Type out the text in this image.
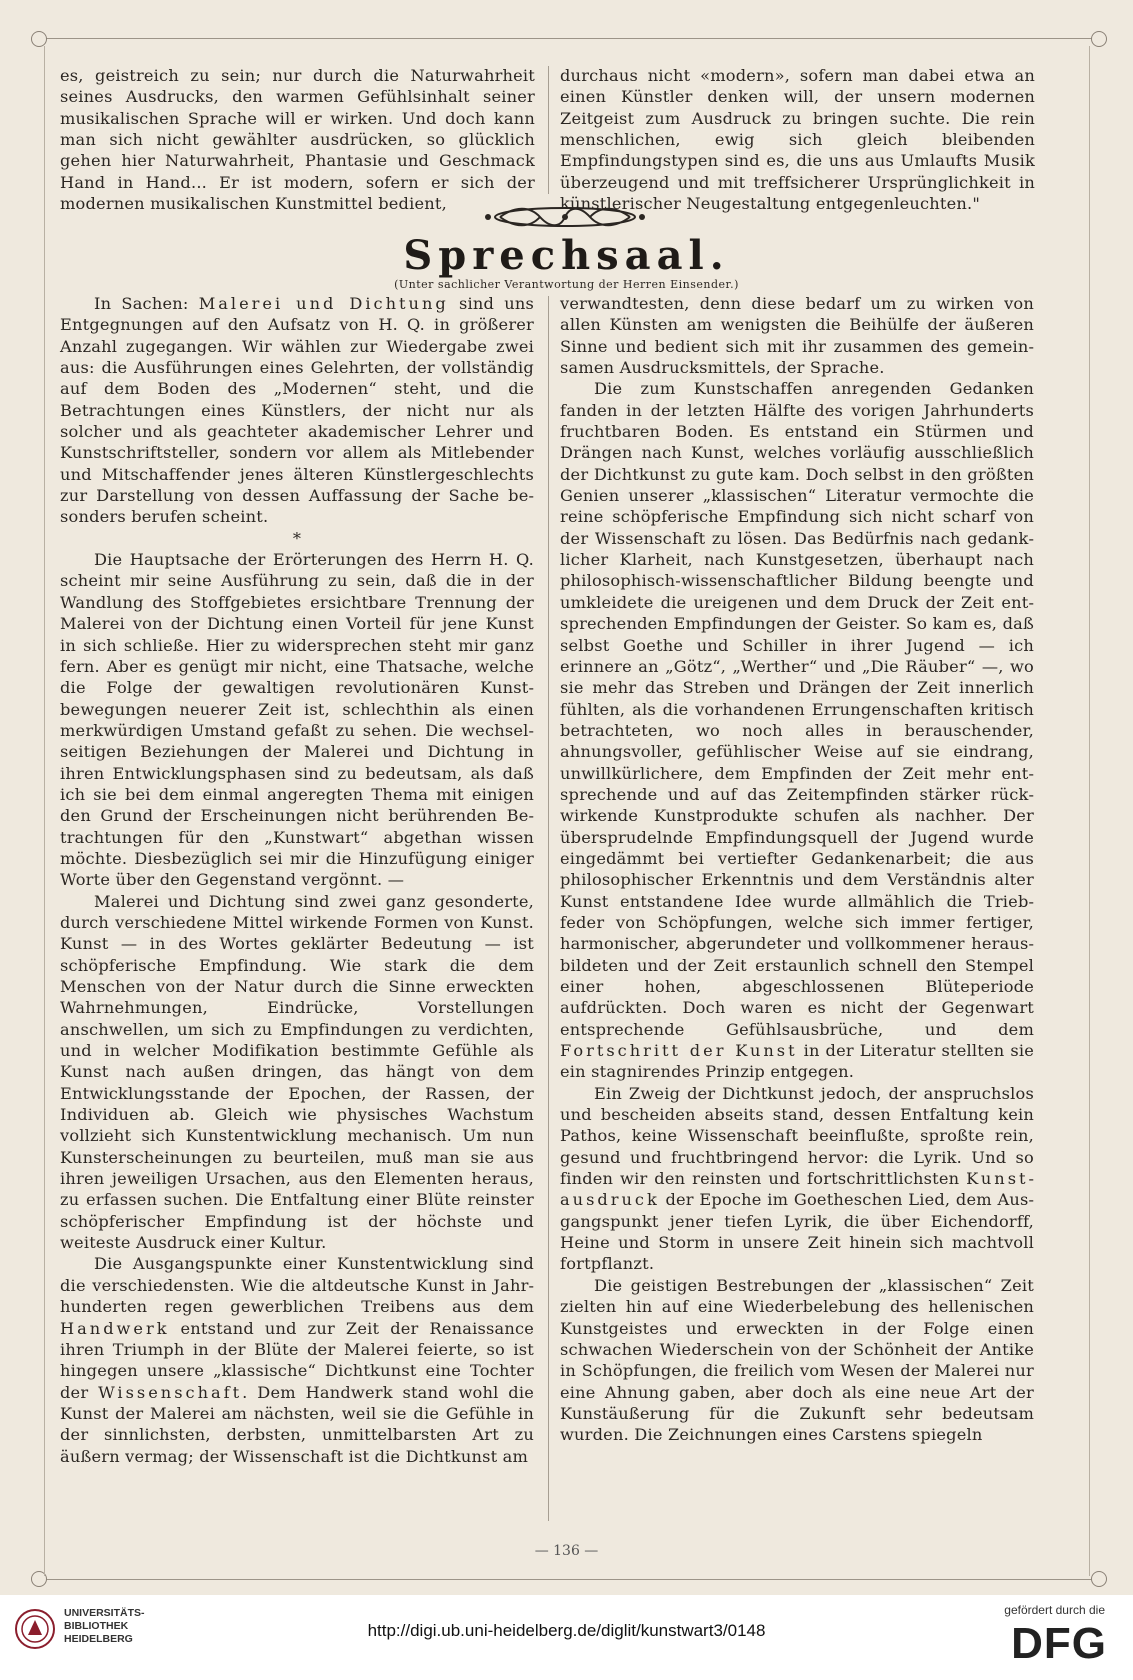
es, geistreich zu sein; nur durch die Naturwahrheit seines Ausdrucks, den warmen Gefühlsinhalt seiner musikalischen Sprache will er wirken. Und doch kann man sich nicht gewählter ausdrücken, so glücklich gehen hier Naturwahrheit, Phantasie und Geschmack Hand in Hand... Er ist modern, sofern er sich der modernen musikalischen Kunstmittel bedient,

durchaus nicht «modern», sofern man dabei etwa an einen Künstler denken will, der unsern modernen Zeitgeist zum Ausdruck zu bringen suchte. Die rein menschlichen, ewig sich gleich bleibenden Empfindungstypen sind es, die uns aus Umlaufts Musik überzeugend und mit treffsicherer Ursprünglichkeit in künstlerischer Neugestaltung entgegenleuchten."

Sprechsaal.
(Unter sachlicher Verantwortung der Herren Einsender.)

In Sachen: Malerei und Dichtung sind uns Entgegnungen auf den Aufsatz von H. Q. in größerer Anzahl zugegangen. Wir wählen zur Wiedergabe zwei aus: die Ausführungen eines Gelehrten, der vollständig auf dem Boden des „Modernen“ steht, und die Betrachtungen eines Künstlers, der nicht nur als solcher und als geachteter akademischer Lehrer und Kunstschriftsteller, sondern vor allem als Mitlebender und Mitschaffender jenes älteren Künstlergeschlechts zur Darstellung von dessen Auffassung der Sache besonders berufen scheint.

*

Die Hauptsache der Erörterungen des Herrn H. Q. scheint mir seine Ausführung zu sein, daß die in der Wandlung des Stoffgebietes ersichtbare Trennung der Malerei von der Dichtung einen Vorteil für jene Kunst in sich schließe. Hier zu widersprechen steht mir ganz fern. Aber es genügt mir nicht, eine Thatsache, welche die Folge der gewaltigen revolutionären Kunstbewegungen neuerer Zeit ist, schlechthin als einen merkwürdigen Umstand gefaßt zu sehen. Die wechselseitigen Beziehungen der Malerei und Dichtung in ihren Entwicklungsphasen sind zu bedeutsam, als daß ich sie bei dem einmal angeregten Thema mit einigen den Grund der Erscheinungen nicht berührenden Betrachtungen für den „Kunstwart“ abgethan wissen möchte. Diesbezüglich sei mir die Hinzufügung einiger Worte über den Gegenstand vergönnt. —

Malerei und Dichtung sind zwei ganz gesonderte, durch verschiedene Mittel wirkende Formen von Kunst. Kunst — in des Wortes geklärter Bedeutung — ist schöpferische Empfindung. Wie stark die dem Menschen von der Natur durch die Sinne erweckten Wahrnehmungen, Eindrücke, Vorstellungen anschwellen, um sich zu Empfindungen zu verdichten, und in welcher Modifikation bestimmte Gefühle als Kunst nach außen dringen, das hängt von dem Entwicklungsstande der Epochen, der Rassen, der Individuen ab. Gleich wie physisches Wachstum vollzieht sich Kunstentwicklung mechanisch. Um nun Kunsterscheinungen zu beurteilen, muß man sie aus ihren jeweiligen Ursachen, aus den Elementen heraus, zu erfassen suchen. Die Entfaltung einer Blüte reinster schöpferischer Empfindung ist der höchste und weiteste Ausdruck einer Kultur.

Die Ausgangspunkte einer Kunstentwicklung sind die verschiedensten. Wie die altdeutsche Kunst in Jahrhunderten regen gewerblichen Treibens aus dem Handwerk entstand und zur Zeit der Renaissance ihren Triumph in der Blüte der Malerei feierte, so ist hingegen unsere „klassische“ Dichtkunst eine Tochter der Wissenschaft. Dem Handwerk stand wohl die Kunst der Malerei am nächsten, weil sie die Gefühle in der sinnlichsten, derbsten, unmittelbarsten Art zu äußern vermag; der Wissenschaft ist die Dichtkunst am

verwandtesten, denn diese bedarf um zu wirken von allen Künsten am wenigsten die Beihülfe der äußeren Sinne und bedient sich mit ihr zusammen des gemeinsamen Ausdrucksmittels, der Sprache.

Die zum Kunstschaffen anregenden Gedanken fanden in der letzten Hälfte des vorigen Jahrhunderts fruchtbaren Boden. Es entstand ein Stürmen und Drängen nach Kunst, welches vorläufig ausschließlich der Dichtkunst zu gute kam. Doch selbst in den größten Genien unserer „klassischen“ Literatur vermochte die reine schöpferische Empfindung sich nicht scharf von der Wissenschaft zu lösen. Das Bedürfnis nach gedanklicher Klarheit, nach Kunstgesetzen, überhaupt nach philosophisch-wissenschaftlicher Bildung beengte und umkleidete die ureigenen und dem Druck der Zeit entsprechenden Empfindungen der Geister. So kam es, daß selbst Goethe und Schiller in ihrer Jugend — ich erinnere an „Götz“, „Werther“ und „Die Räuber“ —, wo sie mehr das Streben und Drängen der Zeit innerlich fühlten, als die vorhandenen Errungenschaften kritisch betrachteten, wo noch alles in berauschender, ahnungsvoller, gefühlischer Weise auf sie eindrang, unwillkürlichere, dem Empfinden der Zeit mehr entsprechende und auf das Zeitempfinden stärker rückwirkende Kunstprodukte schufen als nachher. Der übersprudelnde Empfindungsquell der Jugend wurde eingedämmt bei vertiefter Gedankenarbeit; die aus philosophischer Erkenntnis und dem Verständnis alter Kunst entstandene Idee wurde allmählich die Triebfeder von Schöpfungen, welche sich immer fertiger, harmonischer, abgerundeter und vollkommener herausbildeten und der Zeit erstaunlich schnell den Stempel einer hohen, abgeschlossenen Blüteperiode aufdrückten. Doch waren es nicht der Gegenwart entsprechende Gefühlsausbrüche, und dem Fortschritt der Kunst in der Literatur stellten sie ein stagnirendes Prinzip entgegen.

Ein Zweig der Dichtkunst jedoch, der anspruchslos und bescheiden abseits stand, dessen Entfaltung kein Pathos, keine Wissenschaft beeinflußte, sproßte rein, gesund und fruchtbringend hervor: die Lyrik. Und so finden wir den reinsten und fortschrittlichsten Kunstausdruck der Epoche im Goetheschen Lied, dem Ausgangspunkt jener tiefen Lyrik, die über Eichendorff, Heine und Storm in unsere Zeit hinein sich machtvoll fortpflanzt.

Die geistigen Bestrebungen der „klassischen“ Zeit zielten hin auf eine Wiederbelebung des hellenischen Kunstgeistes und erweckten in der Folge einen schwachen Wiederschein von der Schönheit der Antike in Schöpfungen, die freilich vom Wesen der Malerei nur eine Ahnung gaben, aber doch als eine neue Art der Kunstäußerung für die Zukunft sehr bedeutsam wurden. Die Zeichnungen eines Carstens spiegeln

— 136 —
UNIVERSITÄTS-
BIBLIOTHEK
HEIDELBERG	http://digi.ub.uni-heidelberg.de/diglit/kunstwart3/0148
gefördert durch die
DFG
